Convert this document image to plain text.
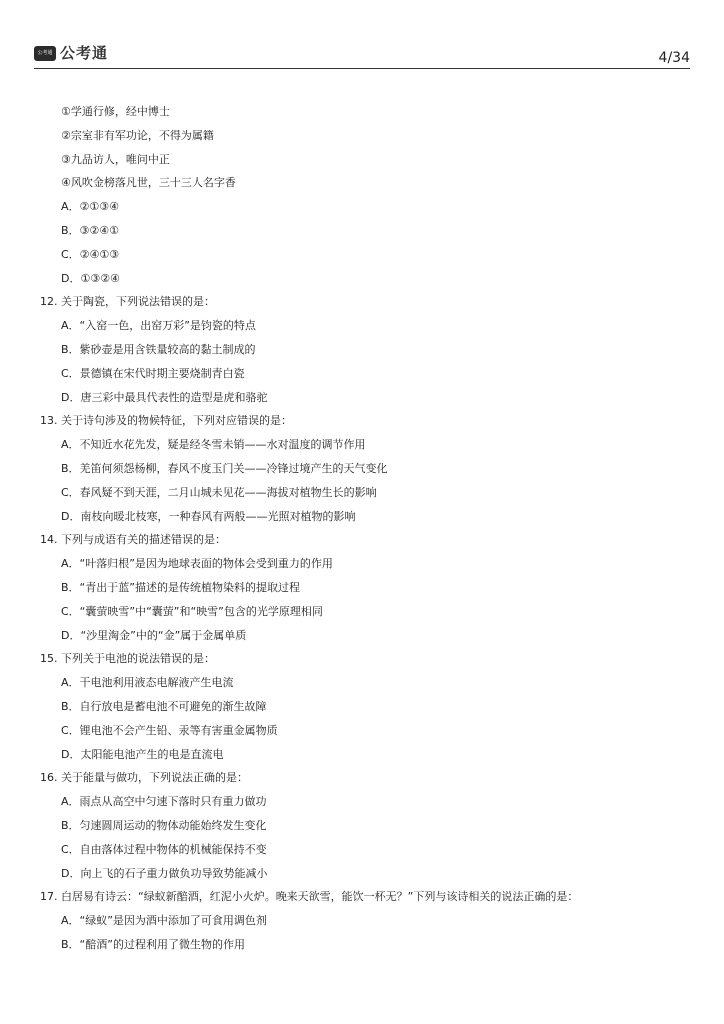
公考通 公考通	4/34
①学通行修，经中博士
②宗室非有军功论，不得为属籍
③九品访人，唯问中正
④风吹金榜落凡世，三十三人名字香
A．②①③④
B．③②④①
C．②④①③
D．①③②④
12. 关于陶瓷，下列说法错误的是：
A．“入窑一色，出窑万彩”是钧瓷的特点
B．紫砂壶是用含铁量较高的黏土制成的
C．景德镇在宋代时期主要烧制青白瓷
D．唐三彩中最具代表性的造型是虎和骆驼
13. 关于诗句涉及的物候特征，下列对应错误的是：
A．不知近水花先发，疑是经冬雪未销——水对温度的调节作用
B．羌笛何须怨杨柳，春风不度玉门关——冷锋过境产生的天气变化
C．春风疑不到天涯，二月山城未见花——海拔对植物生长的影响
D．南枝向暖北枝寒，一种春风有两般——光照对植物的影响
14. 下列与成语有关的描述错误的是：
A．“叶落归根”是因为地球表面的物体会受到重力的作用
B．“青出于蓝”描述的是传统植物染料的提取过程
C．“囊萤映雪”中“囊萤”和“映雪”包含的光学原理相同
D．“沙里淘金”中的“金”属于金属单质
15. 下列关于电池的说法错误的是：
A．干电池利用液态电解液产生电流
B．自行放电是蓄电池不可避免的渐生故障
C．锂电池不会产生铅、汞等有害重金属物质
D．太阳能电池产生的电是直流电
16. 关于能量与做功，下列说法正确的是：
A．雨点从高空中匀速下落时只有重力做功
B．匀速圆周运动的物体动能始终发生变化
C．自由落体过程中物体的机械能保持不变
D．向上飞的石子重力做负功导致势能减小
17. 白居易有诗云：“绿蚁新醅酒，红泥小火炉。晚来天欲雪，能饮一杯无？”下列与该诗相关的说法正确的是：
A．“绿蚁”是因为酒中添加了可食用调色剂
B．“醅酒”的过程利用了微生物的作用
